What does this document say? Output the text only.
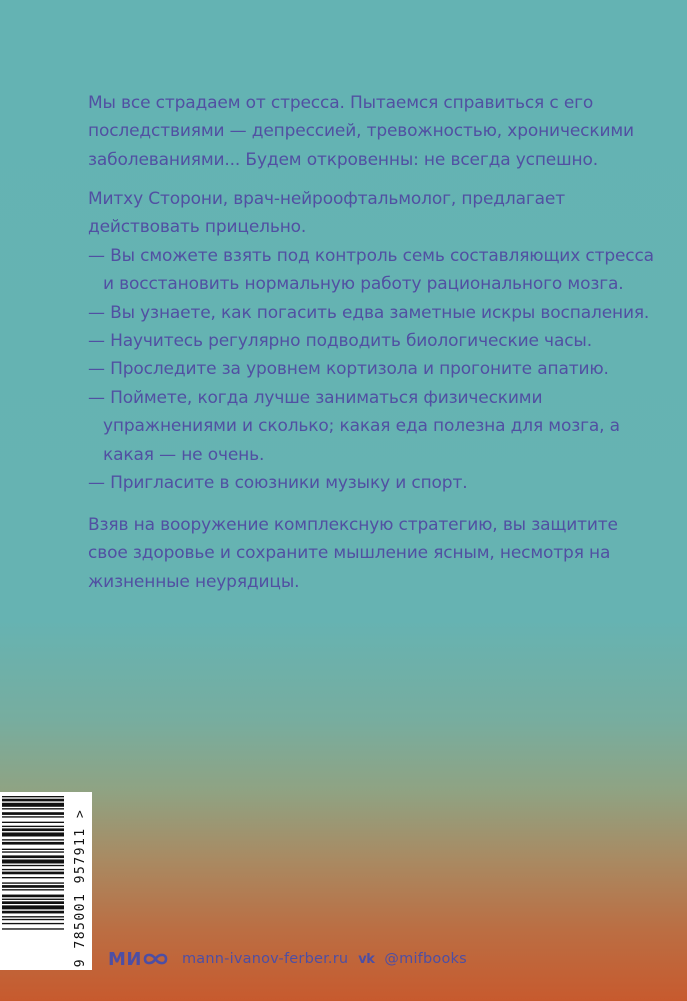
Мы все страдаем от стресса. Пытаемся справиться с его последствиями — депрессией, тревожностью, хроническими заболеваниями... Будем откровенны: не всегда успешно.

Митху Сторони, врач-нейроофтальмолог, предлагает действовать прицельно.

— Вы сможете взять под контроль семь составляющих стресса и восстановить нормальную работу рационального мозга.

— Вы узнаете, как погасить едва заметные искры воспаления.

— Научитесь регулярно подводить биологические часы.

— Проследите за уровнем кортизола и прогоните апатию.

— Поймете, когда лучше заниматься физическими упражнениями и сколько; какая еда полезна для мозга, а какая — не очень.

— Пригласите в союзники музыку и спорт.

Взяв на вооружение комплексную стратегию, вы защитите свое здоровье и сохраните мышление ясным, несмотря на жизненные неурядицы.

9 785001 957911 > МИ	mann-ivanov-ferber.ru vk @mifbooks
